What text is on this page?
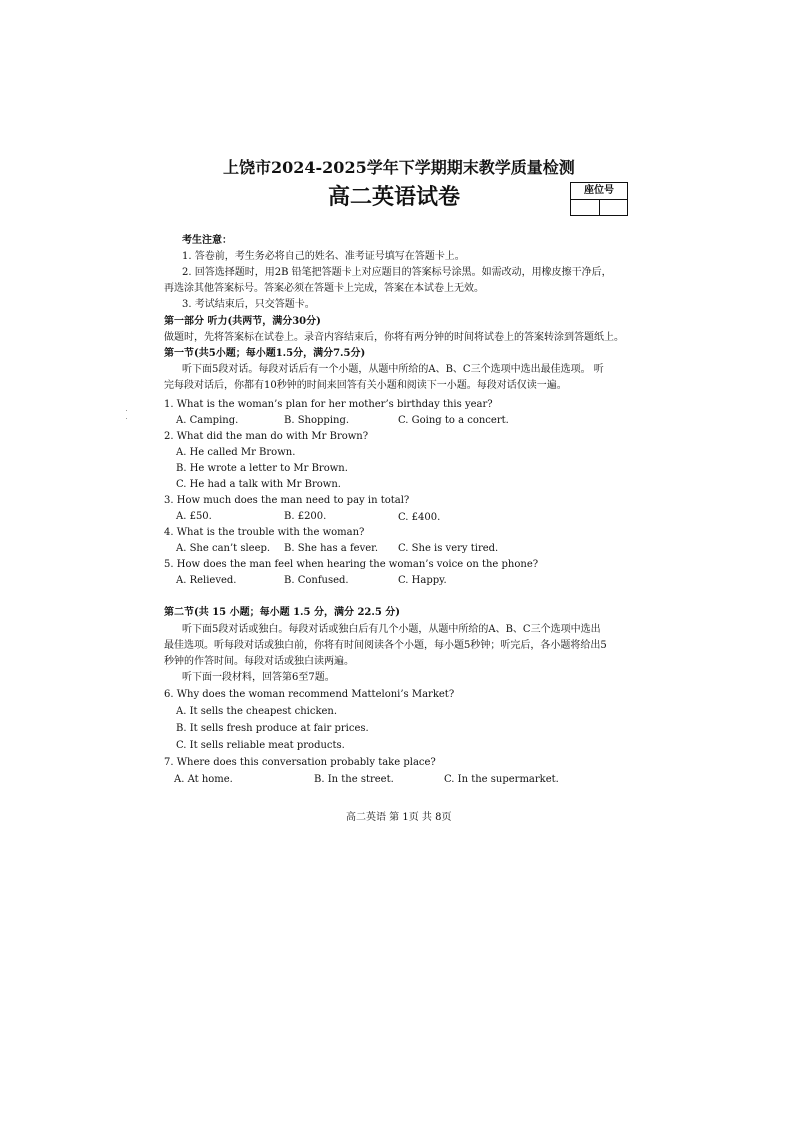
上饶市2024-2025学年下学期期末教学质量检测
高二英语试卷	座位号
考生注意：
1. 答卷前，考生务必将自己的姓名、准考证号填写在答题卡上。
2. 回答选择题时，用2B 铅笔把答题卡上对应题目的答案标号涂黑。如需改动，用橡皮擦干净后，
再选涂其他答案标号。答案必须在答题卡上完成，答案在本试卷上无效。
3. 考试结束后，只交答题卡。
第一部分 听力(共两节，满分30分)
做题时，先将答案标在试卷上。录音内容结束后，你将有两分钟的时间将试卷上的答案转涂到答题纸上。
第一节(共5小题；每小题1.5分，满分7.5分)
听下面5段对话。每段对话后有一个小题，从题中所给的A、B、C三个选项中选出最佳选项。 听
完每段对话后，你都有10秒钟的时间来回答有关小题和阅读下一小题。每段对话仅读一遍。
1. What is the woman’s plan for her mother’s birthday this year?
A. Camping.	B. Shopping.	C. Going to a concert.
2. What did the man do with Mr Brown?
A. He called Mr Brown.
B. He wrote a letter to Mr Brown.
C. He had a talk with Mr Brown.
3. How much does the man need to pay in total?
A. £50.	B. £200.	C. £400.
4. What is the trouble with the woman?
A. She can’t sleep. B. She has a fever. C. She is very tired.
5. How does the man feel when hearing the woman’s voice on the phone?
A. Relieved.	B. Confused.	C. Happy.
第二节(共 15 小题；每小题 1.5 分，满分 22.5 分)
听下面5段对话或独白。每段对话或独白后有几个小题，从题中所给的A、B、C三个选项中选出
最佳选项。听每段对话或独白前，你将有时间阅读各个小题，每小题5秒钟；听完后，各小题将给出5
秒钟的作答时间。每段对话或独白读两遍。
听下面一段材料，回答第6至7题。
6. Why does the woman recommend Matteloni’s Market?
A. It sells the cheapest chicken.
B. It sells fresh produce at fair prices.
C. It sells reliable meat products.
7. Where does this conversation probably take place?
A. At home.	B. In the street.	C. In the supermarket.
高二英语 第 1页 共 8页
